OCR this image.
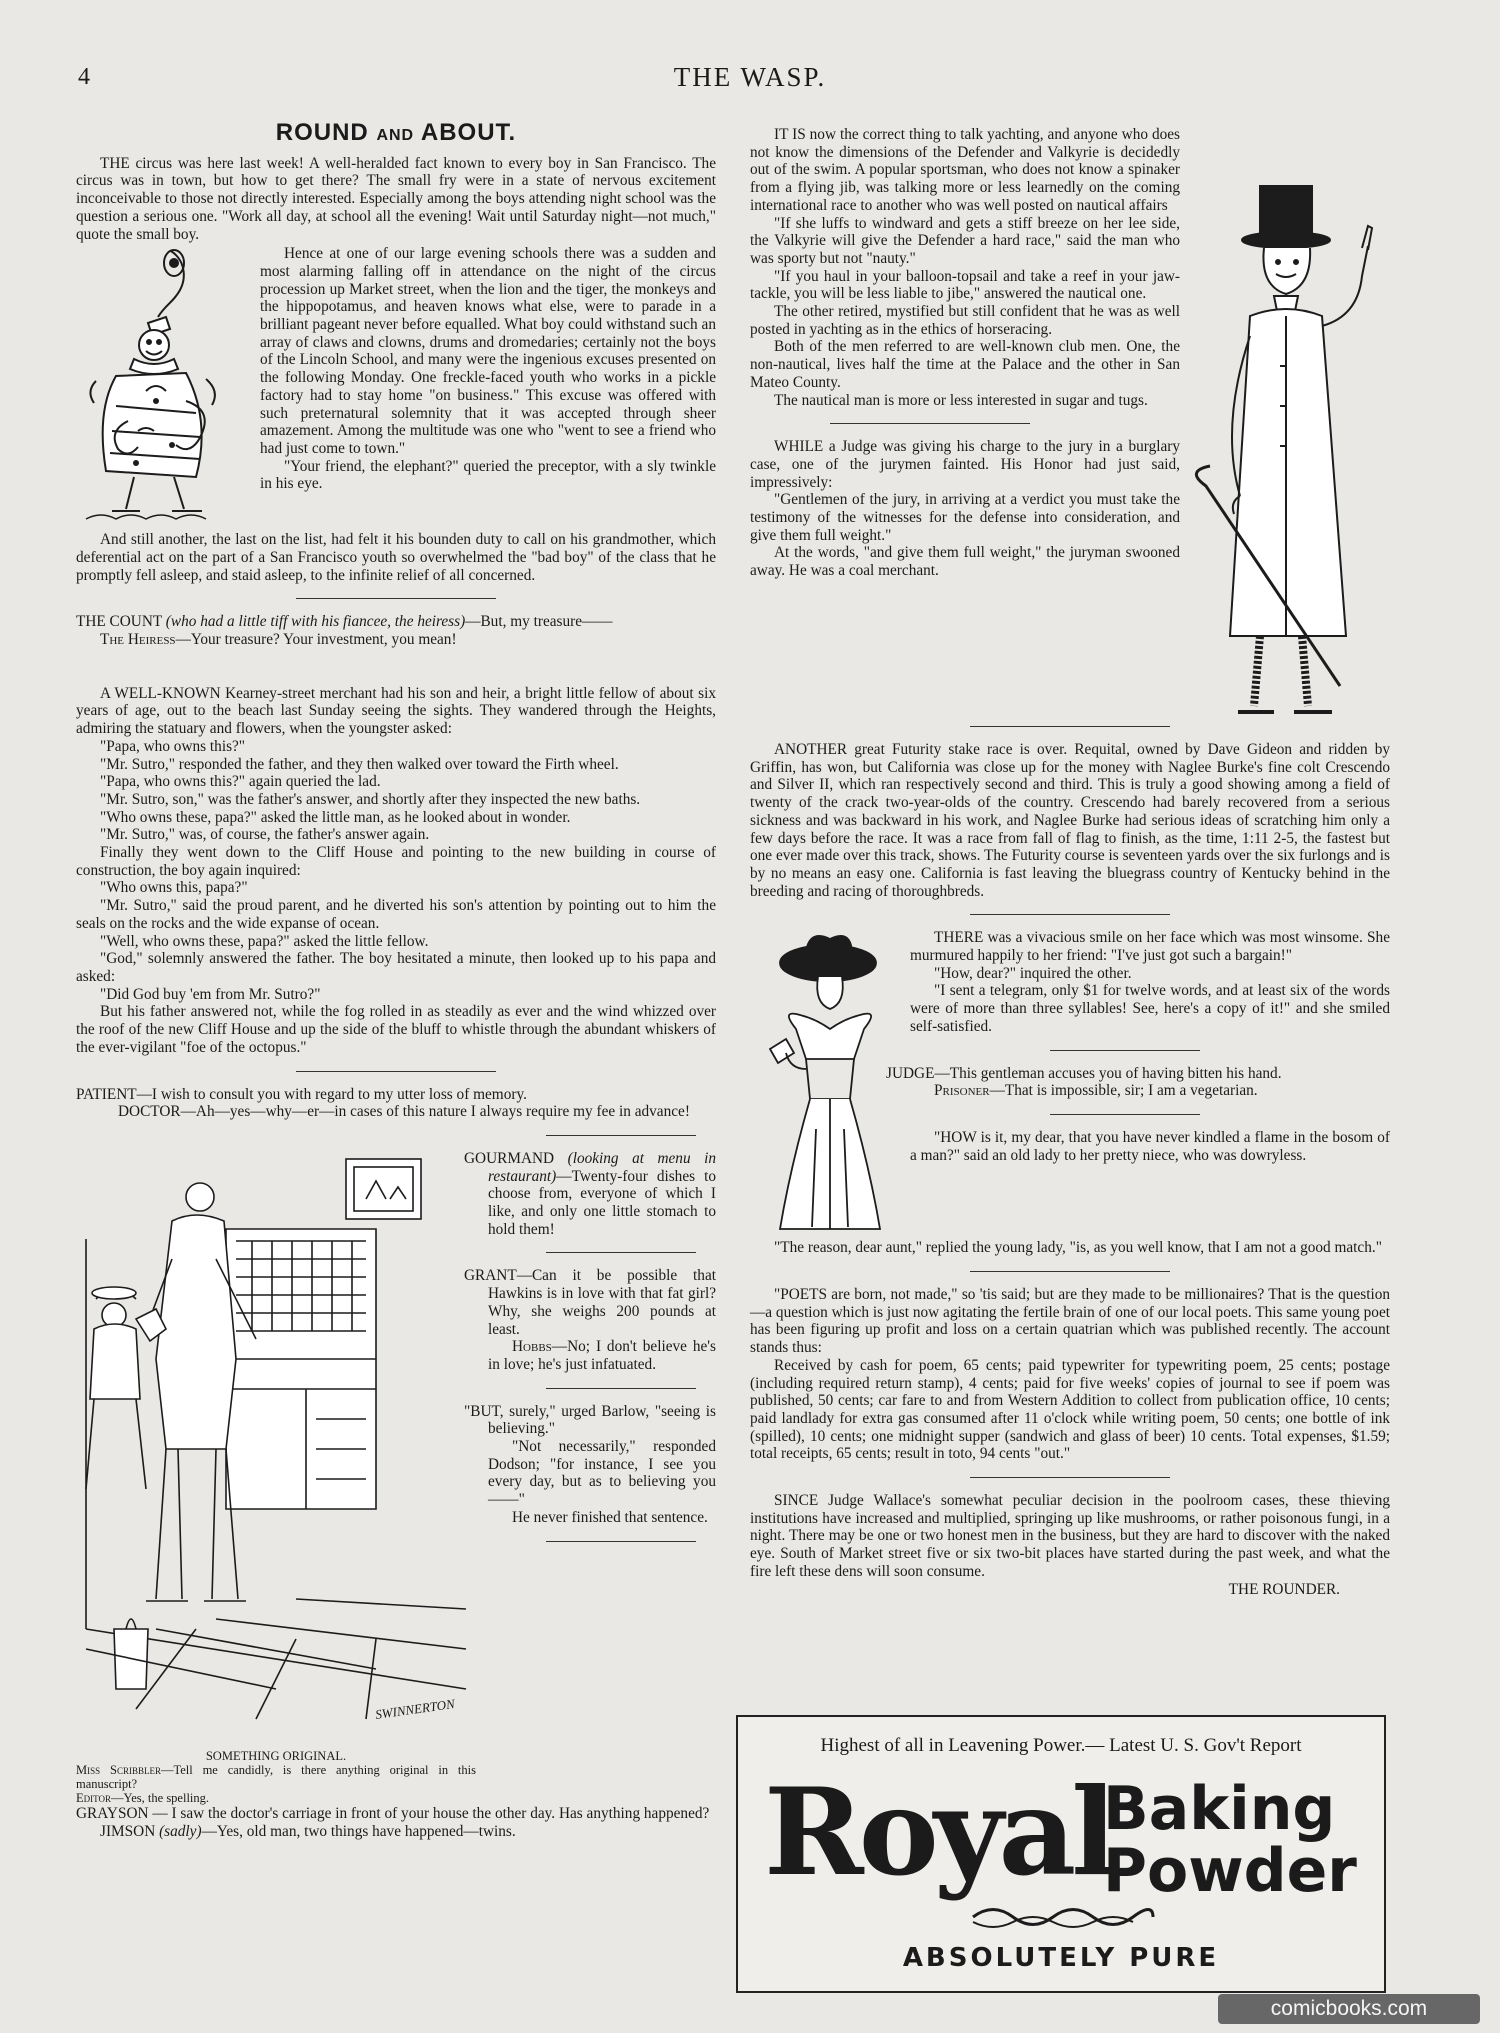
4	THE WASP.
ROUND AND ABOUT.

THE circus was here last week! A well-heralded fact known to every boy in San Francisco. The circus was in town, but how to get there? The small fry were in a state of nervous excitement inconceivable to those not directly interested. Especially among the boys attending night school was the question a serious one. "Work all day, at school all the evening! Wait until Saturday night—not much," quote the small boy.

Hence at one of our large evening schools there was a sudden and most alarming falling off in attendance on the night of the circus procession up Market street, when the lion and the tiger, the monkeys and the hippopotamus, and heaven knows what else, were to parade in a brilliant pageant never before equalled. What boy could withstand such an array of claws and clowns, drums and dromedaries; certainly not the boys of the Lincoln School, and many were the ingenious excuses presented on the following Monday. One freckle-faced youth who works in a pickle factory had to stay home "on business." This excuse was offered with such preternatural solemnity that it was accepted through sheer amazement. Among the multitude was one who "went to see a friend who had just come to town."

"Your friend, the elephant?" queried the preceptor, with a sly twinkle in his eye.

And still another, the last on the list, had felt it his bounden duty to call on his grandmother, which deferential act on the part of a San Francisco youth so overwhelmed the "bad boy" of the class that he promptly fell asleep, and staid asleep, to the infinite relief of all concerned.

THE COUNT (who had a little tiff with his fiancee, the heiress)—But, my treasure——

The Heiress—Your treasure? Your investment, you mean!

A WELL-KNOWN Kearney-street merchant had his son and heir, a bright little fellow of about six years of age, out to the beach last Sunday seeing the sights. They wandered through the Heights, admiring the statuary and flowers, when the youngster asked:

"Papa, who owns this?"

"Mr. Sutro," responded the father, and they then walked over toward the Firth wheel.

"Papa, who owns this?" again queried the lad.

"Mr. Sutro, son," was the father's answer, and shortly after they inspected the new baths.

"Who owns these, papa?" asked the little man, as he looked about in wonder.

"Mr. Sutro," was, of course, the father's answer again.

Finally they went down to the Cliff House and pointing to the new building in course of construction, the boy again inquired:

"Who owns this, papa?"

"Mr. Sutro," said the proud parent, and he diverted his son's attention by pointing out to him the seals on the rocks and the wide expanse of ocean.

"Well, who owns these, papa?" asked the little fellow.

"God," solemnly answered the father. The boy hesitated a minute, then looked up to his papa and asked:

"Did God buy 'em from Mr. Sutro?"

But his father answered not, while the fog rolled in as steadily as ever and the wind whizzed over the roof of the new Cliff House and up the side of the bluff to whistle through the abundant whiskers of the ever-vigilant "foe of the octopus."

PATIENT—I wish to consult you with regard to my utter loss of memory.

DOCTOR—Ah—yes—why—er—in cases of this nature I always require my fee in advance!

SWINNERTON

GOURMAND (looking at menu in restaurant)—Twenty-four dishes to choose from, everyone of which I like, and only one little stomach to hold them!

GRANT—Can it be possible that Hawkins is in love with that fat girl? Why, she weighs 200 pounds at least.

Hobbs—No; I don't believe he's in love; he's just infatuated.

"BUT, surely," urged Barlow, "seeing is believing."

"Not necessarily," responded Dodson; "for instance, I see you every day, but as to believing you——"

He never finished that sentence.

SOMETHING ORIGINAL.

Miss Scribbler—Tell me candidly, is there anything original in this manuscript?

Editor—Yes, the spelling.

GRAYSON — I saw the doctor's carriage in front of your house the other day. Has anything happened?

JIMSON (sadly)—Yes, old man, two things have happened—twins.

IT IS now the correct thing to talk yachting, and anyone who does not know the dimensions of the Defender and Valkyrie is decidedly out of the swim. A popular sportsman, who does not know a spinaker from a flying jib, was talking more or less learnedly on the coming international race to another who was well posted on nautical affairs

"If she luffs to windward and gets a stiff breeze on her lee side, the Valkyrie will give the Defender a hard race," said the man who was sporty but not "nauty."

"If you haul in your balloon-topsail and take a reef in your jaw-tackle, you will be less liable to jibe," answered the nautical one.

The other retired, mystified but still confident that he was as well posted in yachting as in the ethics of horseracing.

Both of the men referred to are well-known club men. One, the non-nautical, lives half the time at the Palace and the other in San Mateo County.

The nautical man is more or less interested in sugar and tugs.

WHILE a Judge was giving his charge to the jury in a burglary case, one of the jurymen fainted. His Honor had just said, impressively:

"Gentlemen of the jury, in arriving at a verdict you must take the testimony of the witnesses for the defense into consideration, and give them full weight."

At the words, "and give them full weight," the juryman swooned away. He was a coal merchant.

ANOTHER great Futurity stake race is over. Requital, owned by Dave Gideon and ridden by Griffin, has won, but California was close up for the money with Naglee Burke's fine colt Crescendo and Silver II, which ran respectively second and third. This is truly a good showing among a field of twenty of the crack two-year-olds of the country. Crescendo had barely recovered from a serious sickness and was backward in his work, and Naglee Burke had serious ideas of scratching him only a few days before the race. It was a race from fall of flag to finish, as the time, 1:11 2-5, the fastest but one ever made over this track, shows. The Futurity course is seventeen yards over the six furlongs and is by no means an easy one. California is fast leaving the bluegrass country of Kentucky behind in the breeding and racing of thoroughbreds.

THERE was a vivacious smile on her face which was most winsome. She murmured happily to her friend: "I've just got such a bargain!"

"How, dear?" inquired the other.

"I sent a telegram, only $1 for twelve words, and at least six of the words were of more than three syllables! See, here's a copy of it!" and she smiled self-satisfied.

JUDGE—This gentleman accuses you of having bitten his hand.

Prisoner—That is impossible, sir; I am a vegetarian.

"HOW is it, my dear, that you have never kindled a flame in the bosom of a man?" said an old lady to her pretty niece, who was dowryless.

"The reason, dear aunt," replied the young lady, "is, as you well know, that I am not a good match."

"POETS are born, not made," so 'tis said; but are they made to be millionaires? That is the question—a question which is just now agitating the fertile brain of one of our local poets. This same young poet has been figuring up profit and loss on a certain quatrian which was published recently. The account stands thus:

Received by cash for poem, 65 cents; paid typewriter for typewriting poem, 25 cents; postage (including required return stamp), 4 cents; paid for five weeks' copies of journal to see if poem was published, 50 cents; car fare to and from Western Addition to collect from publication office, 10 cents; paid landlady for extra gas consumed after 11 o'clock while writing poem, 50 cents; one bottle of ink (spilled), 10 cents; one midnight supper (sandwich and glass of beer) 10 cents. Total expenses, $1.59; total receipts, 65 cents; result in toto, 94 cents "out."

SINCE Judge Wallace's somewhat peculiar decision in the poolroom cases, these thieving institutions have increased and multiplied, springing up like mushrooms, or rather poisonous fungi, in a night. There may be one or two honest men in the business, but they are hard to discover with the naked eye. South of Market street five or six two-bit places have started during the past week, and what the fire left these dens will soon consume.

THE ROUNDER.

Highest of all in Leavening Power.— Latest U. S. Gov't Report
Royal
Baking
Powder
ABSOLUTELY PURE
comicbooks.com
